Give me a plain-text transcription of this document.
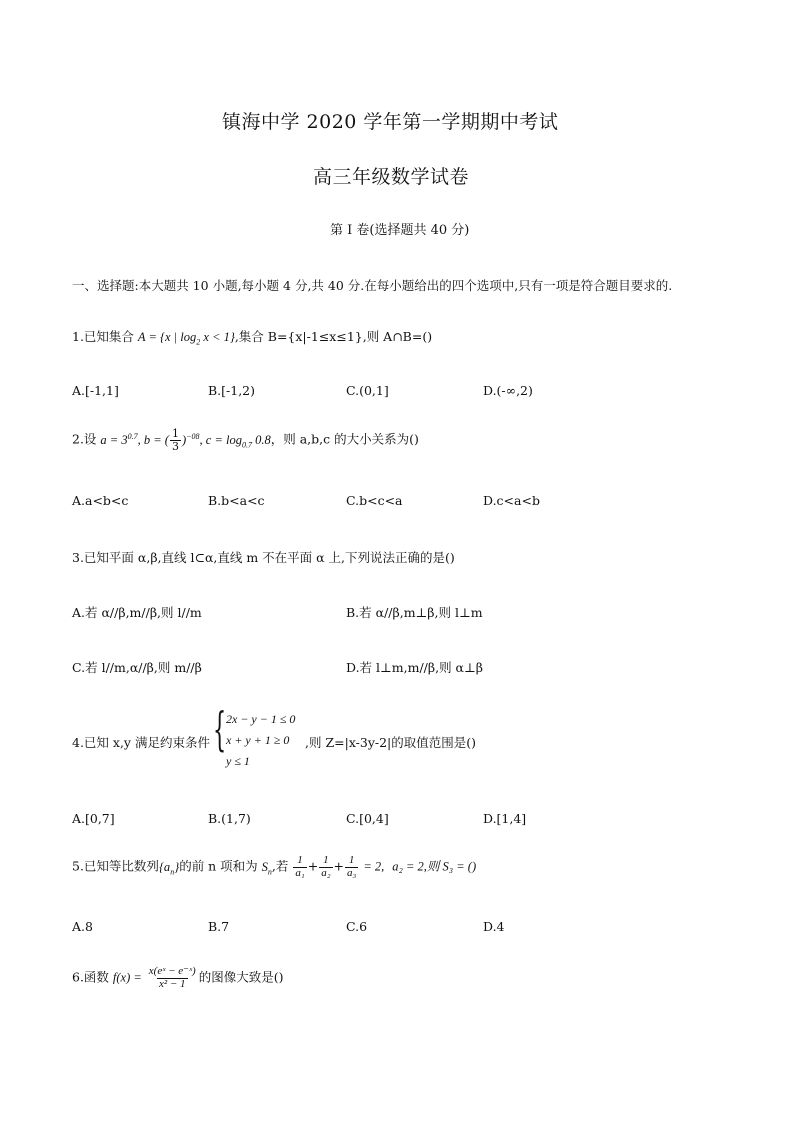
镇海中学 2020 学年第一学期期中考试
高三年级数学试卷
第 I 卷(选择题共 40 分)
一、选择题:本大题共 10 小题,每小题 4 分,共 40 分.在每小题给出的四个选项中,只有一项是符合题目要求的.
1.已知集合 A = {x | $\log_2 x < 1$},集合 B={x|-1≤x≤1},则 A∩B=()
A.[-1,1]	B.[-1,2)	C.(0,1]	D.(-∞,2)
2.设 $a = 3^{0.7}$, b = ( $\frac{1}{3} )^{-08}$, $c = \log_{0.7} 0.8$，则 a,b,c 的大小关系为()
A.a<b<c	B.b<a<c	C.b<c<a	D.c<a<b
3.已知平面 α,β,直线 l⊂α,直线 m 不在平面 α 上,下列说法正确的是()
A.若 α//β,m//β,则 l//m	B.若 α//β,m⊥β,则 l⊥m
C.若 l//m,α//β,则 m//β	D.若 l⊥m,m//β,则 α⊥β
4.已知 x,y 满足约束条件 { 2x − y − 1 ≤ 0
x + y + 1 ≥ 0
y ≤ 1
,则 Z=|x-3y-2|的取值范围是()
A.[0,7]	B.(1,7)	C.[0,4]	D.[1,4]
5.已知等比数列$\{a_n\}$的前 n 项和为 $S_n$,若 $\frac{1}{\text{a₁}} + \frac{1}{\text{a₂}} + \frac{1}{\text{a₃}} = 2$, a₂ = 2,则 S₃ = ()
A.8	B.7	C.6	D.4
6.函数 $f(x) = \frac{\text{x(eˣ − e⁻ˣ)}}{\text{x² − 1}}$ 的图像大致是()
